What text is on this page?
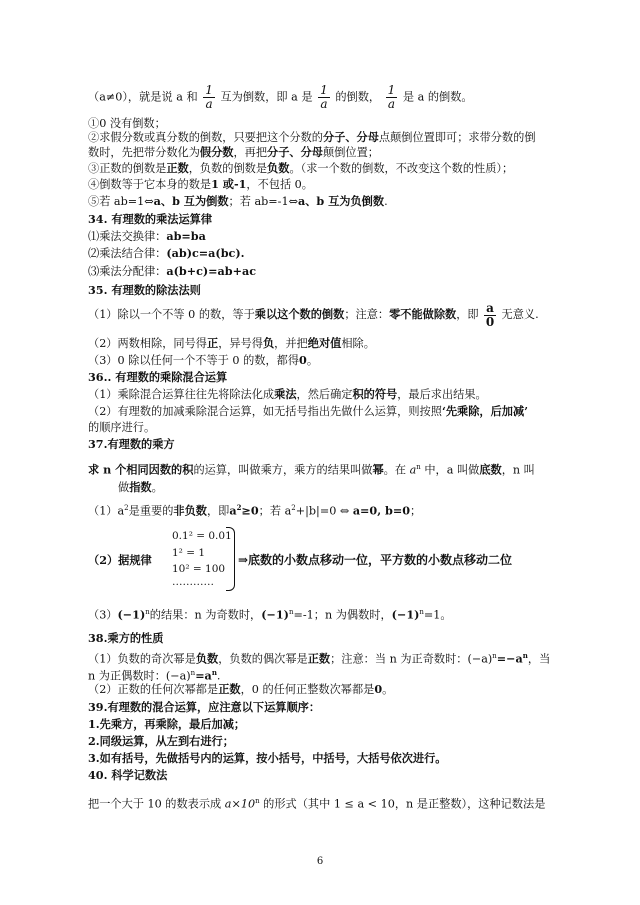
（a≠0），就是说 a 和 $\frac{1}{a}$ 互为倒数，即 a 是 $\frac{1}{a}$ 的倒数， $\frac{1}{a}$ 是 a 的倒数。
①0 没有倒数；
②求假分数或真分数的倒数，只要把这个分数的分子、分母点颠倒位置即可；求带分数的倒
数时，先把带分数化为假分数，再把分子、分母颠倒位置；
③正数的倒数是正数，负数的倒数是负数。（求一个数的倒数，不改变这个数的性质）；
④倒数等于它本身的数是1 或-1，不包括 0。
⑤若 ab=1⇔a、b 互为倒数；若 ab=-1⇔a、b 互为负倒数.
34. 有理数的乘法运算律
⑴乘法交换律：ab=ba
⑵乘法结合律：(ab)c=a(bc).
⑶乘法分配律：a(b+c)=ab+ac
35. 有理数的除法法则
（1）除以一个不等 0 的数，等于乘以这个数的倒数；注意：零不能做除数，即 $\frac{a}{0}$ 无意义.
（2）两数相除，同号得正，异号得负，并把绝对值相除。
（3）0 除以任何一个不等于 0 的数，都得0。
36.. 有理数的乘除混合运算
（1）乘除混合运算往往先将除法化成乘法，然后确定积的符号，最后求出结果。
（2）有理数的加减乘除混合运算，如无括号指出先做什么运算，则按照‘先乘除，后加减’
的顺序进行。
37.有理数的乘方
求 n 个相同因数的积的运算，叫做乘方，乘方的结果叫做幂。在 $a^n$ 中，a 叫做底数，n 叫
做指数。
$(1)a^2$是重要的非负数，即$a^2\ge 0$；若 $a^2+|b|=0$ ⇔ a=0, b=0；
（2）据规律
0.1² = 0.01
1² = 1
10² = 100
…………
⇒底数的小数点移动一位，平方数的小数点移动二位
$(3)(-1)^n$的结果：n 为奇数时，$(-1)^n=-1$；n 为偶数时，$(-1)^n=1$。
38.乘方的性质
（1）负数的奇次幂是负数，负数的偶次幂是正数；注意：当 n 为正奇数时：$(-a)^n=-a^n$，当
n 为正偶数时：$(-a)^n=a^n$.
（2）正数的任何次幂都是正数，0 的任何正整数次幂都是0。
39.有理数的混合运算，应注意以下运算顺序：
1.先乘方，再乘除，最后加减；
2.同级运算，从左到右进行；
3.如有括号，先做括号内的运算，按小括号，中括号，大括号依次进行。
40. 科学记数法
把一个大于 10 的数表示成 $a\times 10^n$ 的形式（其中 1 ≤ a < 10，n 是正整数），这种记数法是
6
